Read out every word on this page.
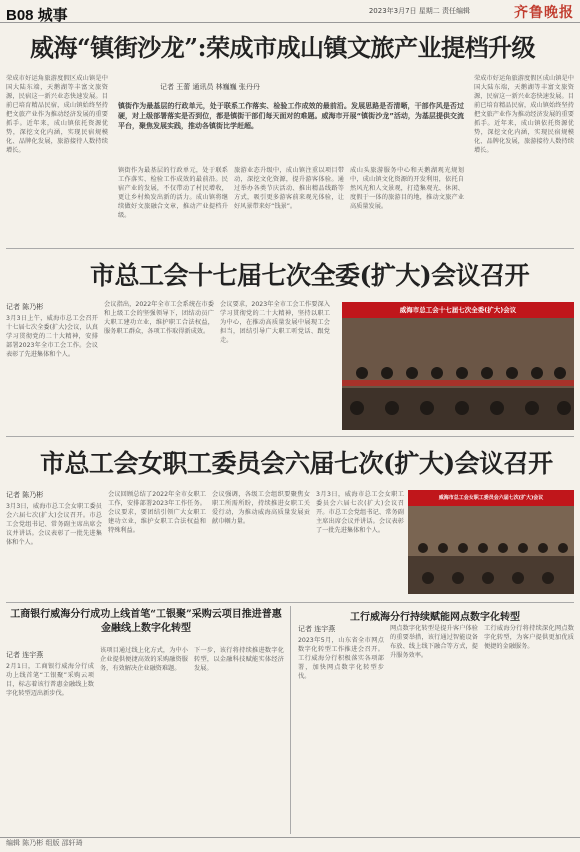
B08 城事	2023年3月7日 星期二 责任编辑	齐鲁晚报
威海“镇街沙龙”:荣成市成山镇文旅产业提档升级
荣成市好运角旅游度假区成山镇是中国大陆东端，天鹅湖等丰富文旅资源，民宿这一新兴业态快速发展。目前已培育精品民宿，成山镇始终坚持把文旅产业作为推动经济发展的重要抓手。近年来，成山镇依托资源优势，深挖文化内涵，实现民宿规模化、品牌化发展，旅游接待人数持续增长。
记者 王蕾 通讯员 林巍巍 张丹丹
镇街作为最基层的行政单元，处于联系工作落实、检验工作成效的最前沿。发展思路是否清晰，干部作风是否过硬，对上级部署落实是否到位，都是镇街干部们每天面对的难题。威海市开展“镇街沙龙”活动，为基层提供交流平台，聚焦发展实践，推动各镇街比学赶超。
镇街作为最基层的行政单元，处于联系工作落实、检验工作成效的最前沿。民宿产业的发展，不仅带动了村民增收，更让乡村焕发出新的活力。成山镇将继续做好文旅融合文章，推动产业提档升级。
旅游业态升级中，成山镇注重以项目带动，深挖文化资源，提升游客体验。通过举办各类节庆活动、推出精品线路等方式，吸引更多游客前来观光体验，让好风景带来好“钱景”。
成山头旅游服务中心和天鹅湖观光规划中，成山镇文化资源的开发利用，依托自然风光和人文景观，打造集观光、休闲、度假于一体的旅游目的地，推动文旅产业高质量发展。
荣成市好运角旅游度假区成山镇是中国大陆东端，天鹅湖等丰富文旅资源，民宿这一新兴业态快速发展。目前已培育精品民宿，成山镇始终坚持把文旅产业作为推动经济发展的重要抓手。近年来，成山镇依托资源优势，深挖文化内涵，实现民宿规模化、品牌化发展，旅游接待人数持续增长。
市总工会十七届七次全委(扩大)会议召开
记者 陈乃彬
3月3日上午，威海市总工会召开十七届七次全委(扩大)会议，认真学习贯彻党的二十大精神，安排部署2023年全市工会工作。会议表彰了先进集体和个人。
会议指出，2022年全市工会系统在市委和上级工会的坚强领导下，团结动员广大职工建功立业，维护职工合法权益，服务职工群众，各项工作取得新成效。
会议要求，2023年全市工会工作要深入学习贯彻党的二十大精神，坚持以职工为中心，在推动高质量发展中展现工会担当，团结引导广大职工听党话、跟党走。
威海市总工会十七届七次全委(扩大)会议
市总工会女职工委员会六届七次(扩大)会议召开
记者 陈乃彬
3月3日，威海市总工会女职工委员会六届七次(扩大)会议召开。市总工会党组书记、常务副主席出席会议并讲话。会议表彰了一批先进集体和个人。
会议回顾总结了2022年全市女职工工作，安排部署2023年工作任务。会议要求，要团结引领广大女职工建功立业，维护女职工合法权益和特殊利益。
会议强调，各级工会组织要聚焦女职工所需所盼，持续推进女职工关爱行动，为推动威海高质量发展贡献巾帼力量。
3月3日，威海市总工会女职工委员会六届七次(扩大)会议召开。市总工会党组书记、常务副主席出席会议并讲话。会议表彰了一批先进集体和个人。
威海市总工会女职工委员会六届七次(扩大)会议
工商银行威海分行成功上线首笔“工银聚”采购云项目推进普惠金融线上数字化转型
记者 连宇燕
2月1日，工商银行威海分行成功上线首笔“工银聚”采购云项目，标志着该行普惠金融线上数字化转型迈出新步伐。
该项目通过线上化方式，为中小企业提供便捷高效的采购融资服务，有效解决企业融资难题。
下一步，该行将持续推进数字化转型，以金融科技赋能实体经济发展。
工行威海分行持续赋能网点数字化转型
记者 连宇燕
2023年5月，山东省全市网点数字化转型工作推进会召开。工行威海分行积极落实各项部署，加快网点数字化转型步伐。
网点数字化转型是提升客户体验的重要举措，该行通过智能设备布放、线上线下融合等方式，提升服务效率。
工行威海分行将持续深化网点数字化转型，为客户提供更加优质便捷的金融服务。
编辑 陈乃彬 组版 邵轩琦
